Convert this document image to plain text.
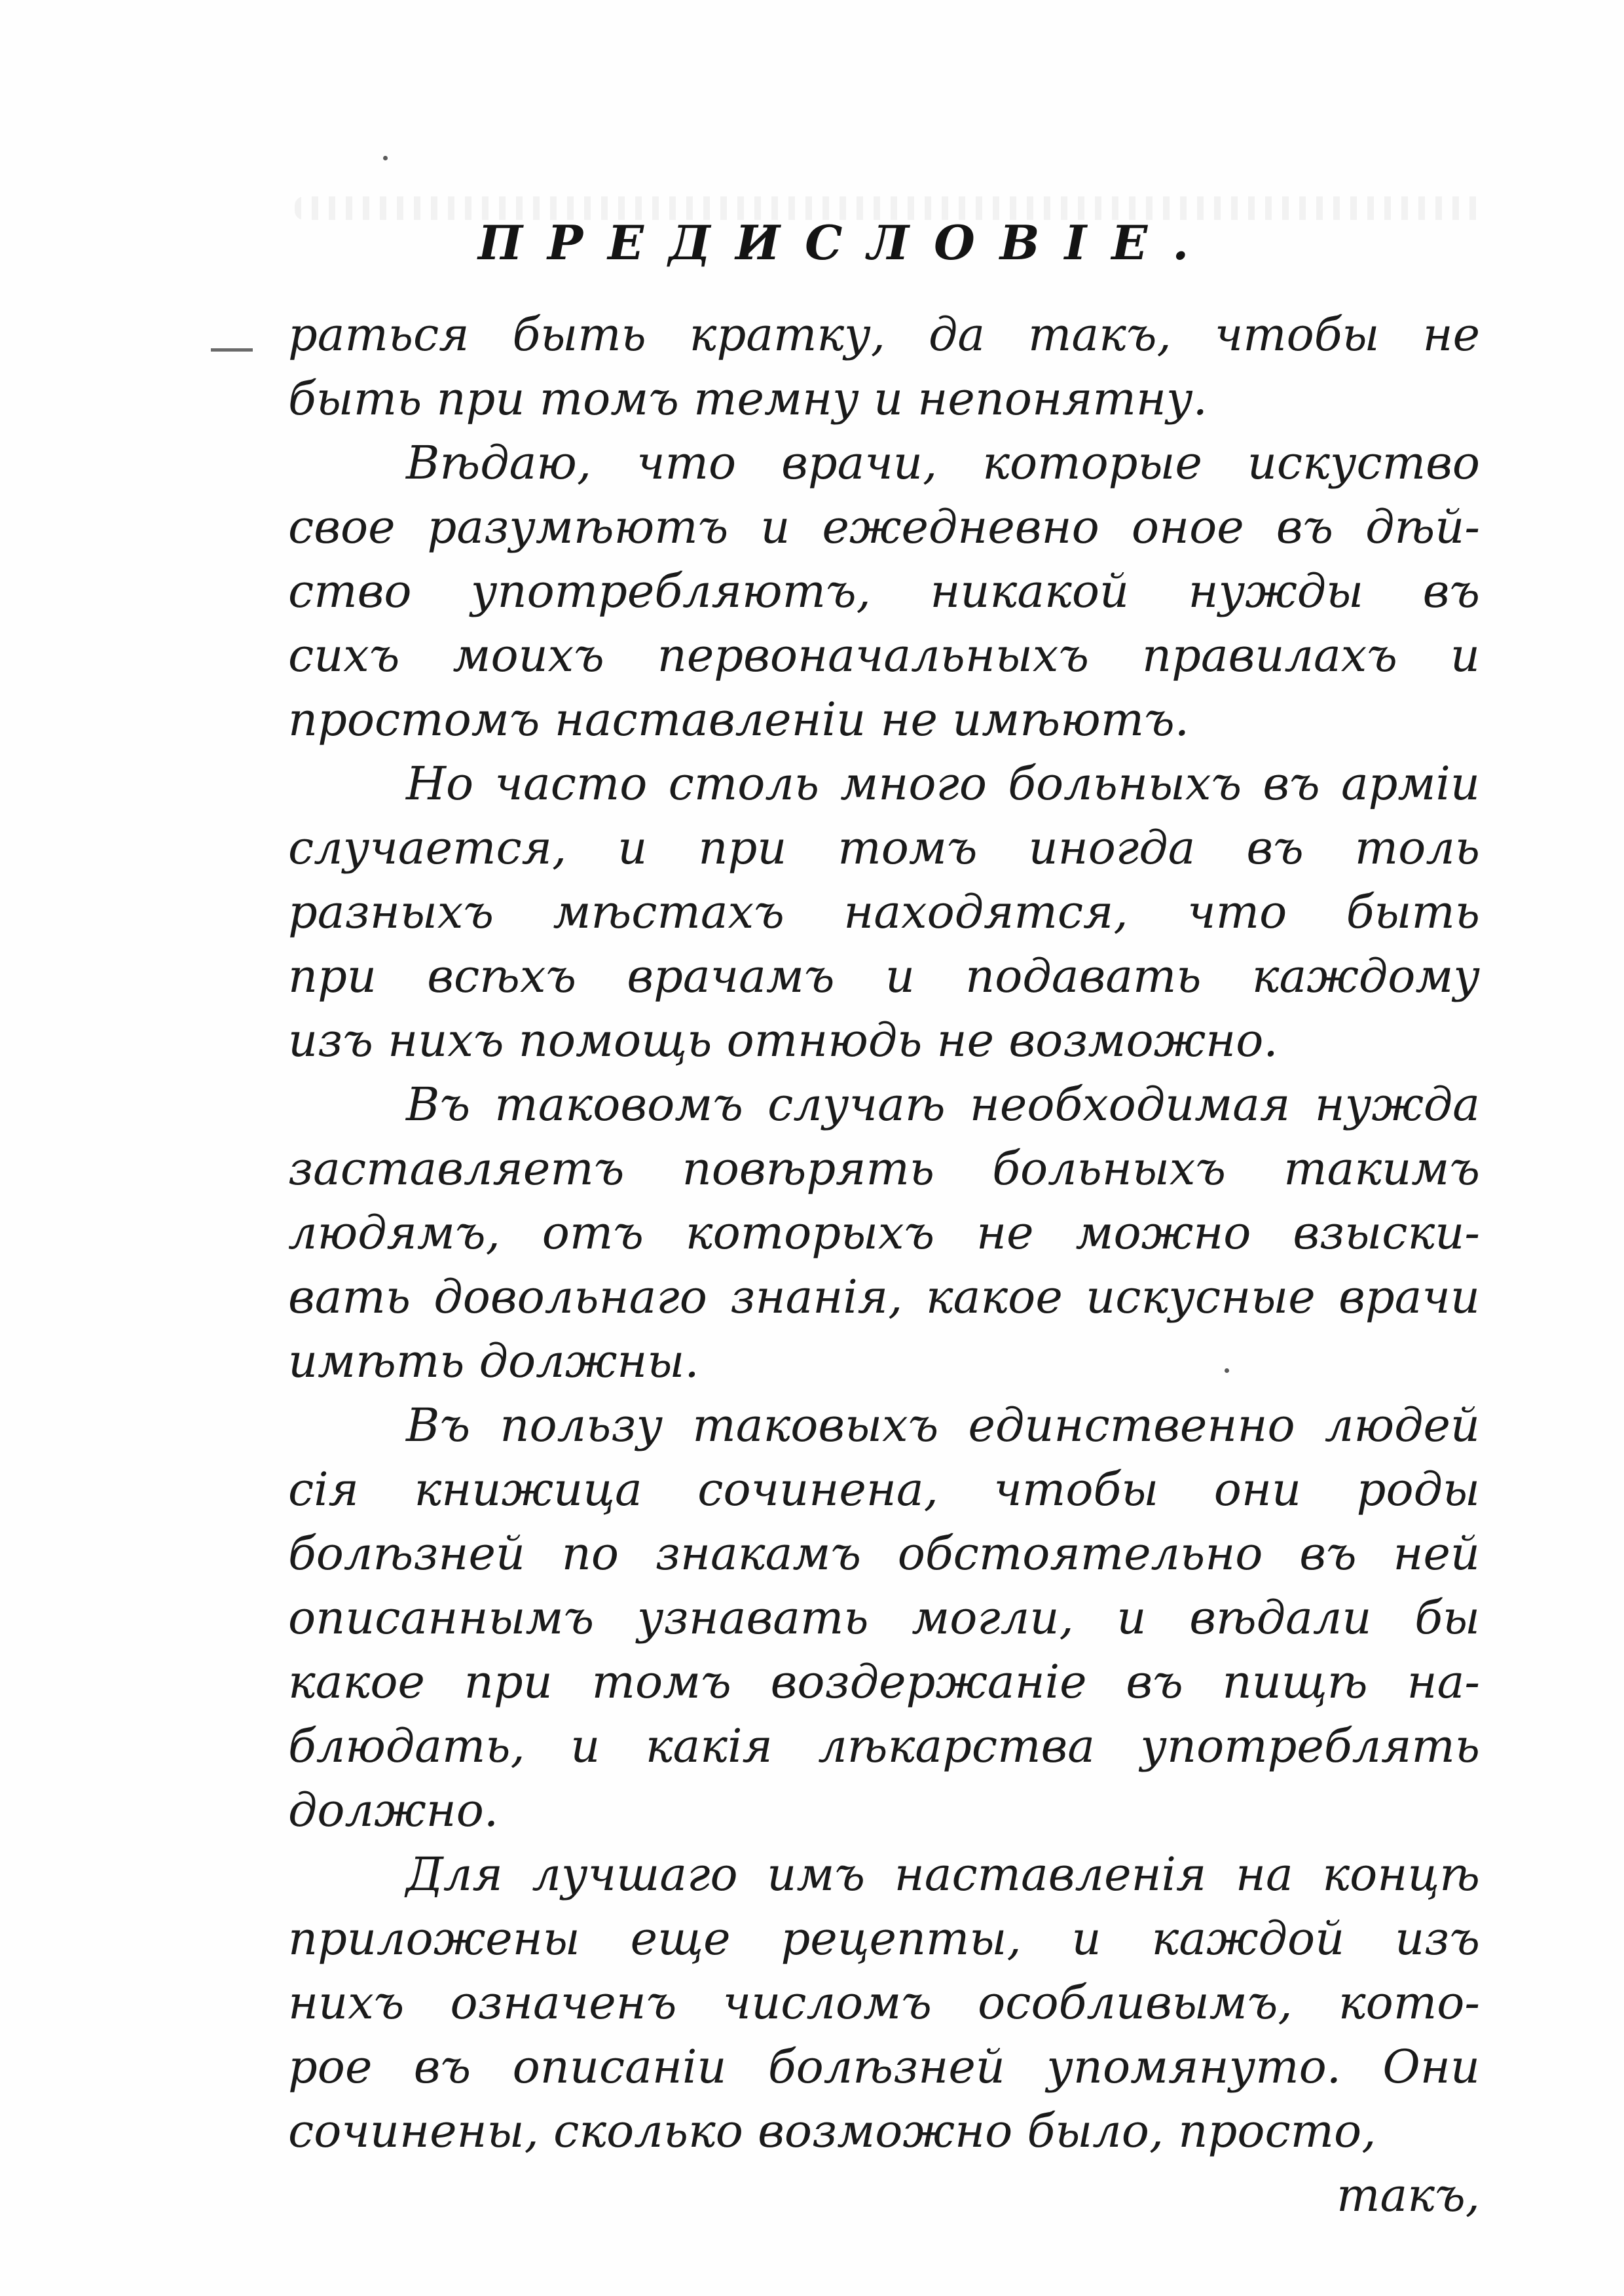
ПРЕДИСЛОВІЕ.
раться быть кратку, да такъ, чтобы не
быть при томъ темну и непонятну.
Вѣдаю, что врачи, которые искуство
свое разумѣютъ и ежедневно оное въ дѣй-
ство употребляютъ, никакой нужды въ
сихъ моихъ первоначальныхъ правилахъ и
простомъ наставленіи не имѣютъ.
Но часто столь много больныхъ въ арміи
случается, и при томъ иногда въ толь
разныхъ мѣстахъ находятся, что быть
при всѣхъ врачамъ и подавать каждому
изъ нихъ помощь отнюдь не возможно.
Въ таковомъ случаѣ необходимая нужда
заставляетъ повѣрять больныхъ такимъ
людямъ, отъ которыхъ не можно взыски-
вать довольнаго знанія, какое искусные врачи
имѣть должны.
Въ пользу таковыхъ единственно людей
сія книжица сочинена, чтобы они роды
болѣзней по знакамъ обстоятельно въ ней
описаннымъ узнавать могли, и вѣдали бы
какое при томъ воздержаніе въ пищѣ на-
блюдать, и какія лѣкарства употреблять
должно.
Для лучшаго имъ наставленія на концѣ
приложены еще рецепты, и каждой изъ
нихъ означенъ числомъ особливымъ, кото-
рое въ описаніи болѣзней упомянуто. Они
сочинены, сколько возможно было, просто,
такъ,
